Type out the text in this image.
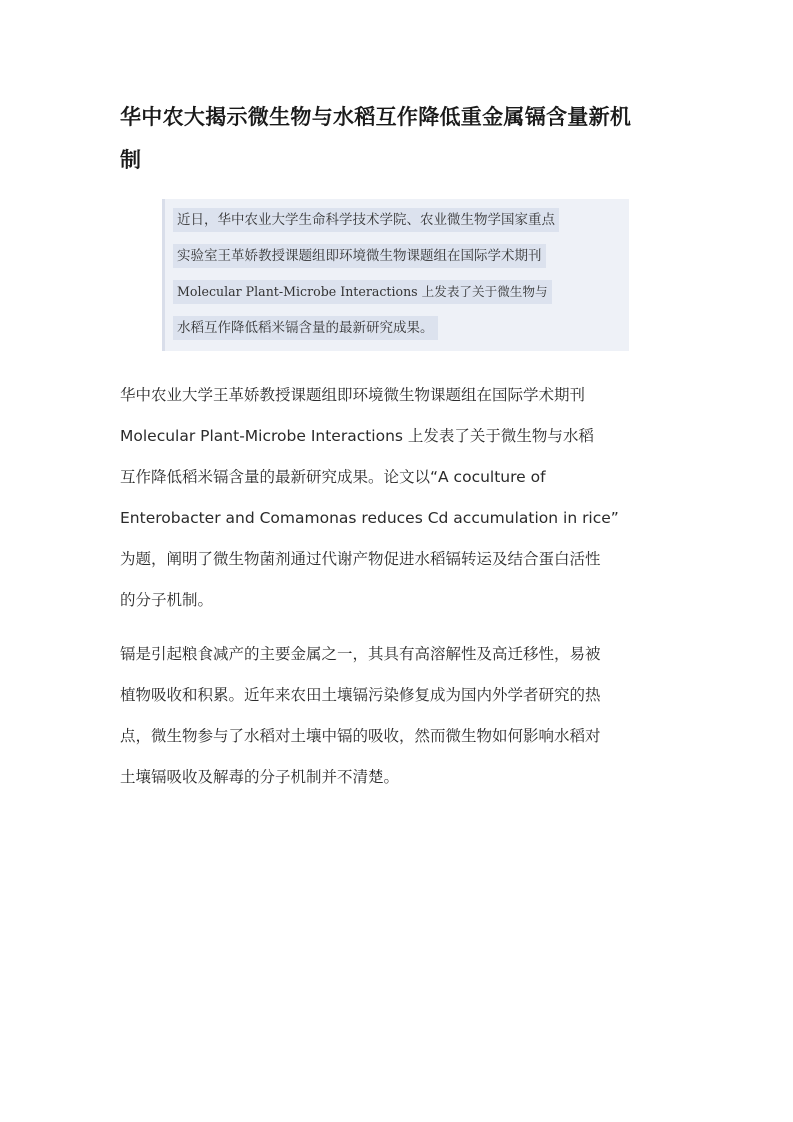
华中农大揭示微生物与水稻互作降低重金属镉含量新机
制
近日，华中农业大学生命科学技术学院、农业微生物学国家重点
实验室王革娇教授课题组即环境微生物课题组在国际学术期刊
Molecular Plant-Microbe Interactions 上发表了关于微生物与
水稻互作降低稻米镉含量的最新研究成果。
华中农业大学王革娇教授课题组即环境微生物课题组在国际学术期刊
Molecular Plant-Microbe Interactions 上发表了关于微生物与水稻
互作降低稻米镉含量的最新研究成果。论文以“A coculture of
Enterobacter and Comamonas reduces Cd accumulation in rice”
为题，阐明了微生物菌剂通过代谢产物促进水稻镉转运及结合蛋白活性
的分子机制。
镉是引起粮食减产的主要金属之一，其具有高溶解性及高迁移性，易被
植物吸收和积累。近年来农田土壤镉污染修复成为国内外学者研究的热
点，微生物参与了水稻对土壤中镉的吸收，然而微生物如何影响水稻对
土壤镉吸收及解毒的分子机制并不清楚。
